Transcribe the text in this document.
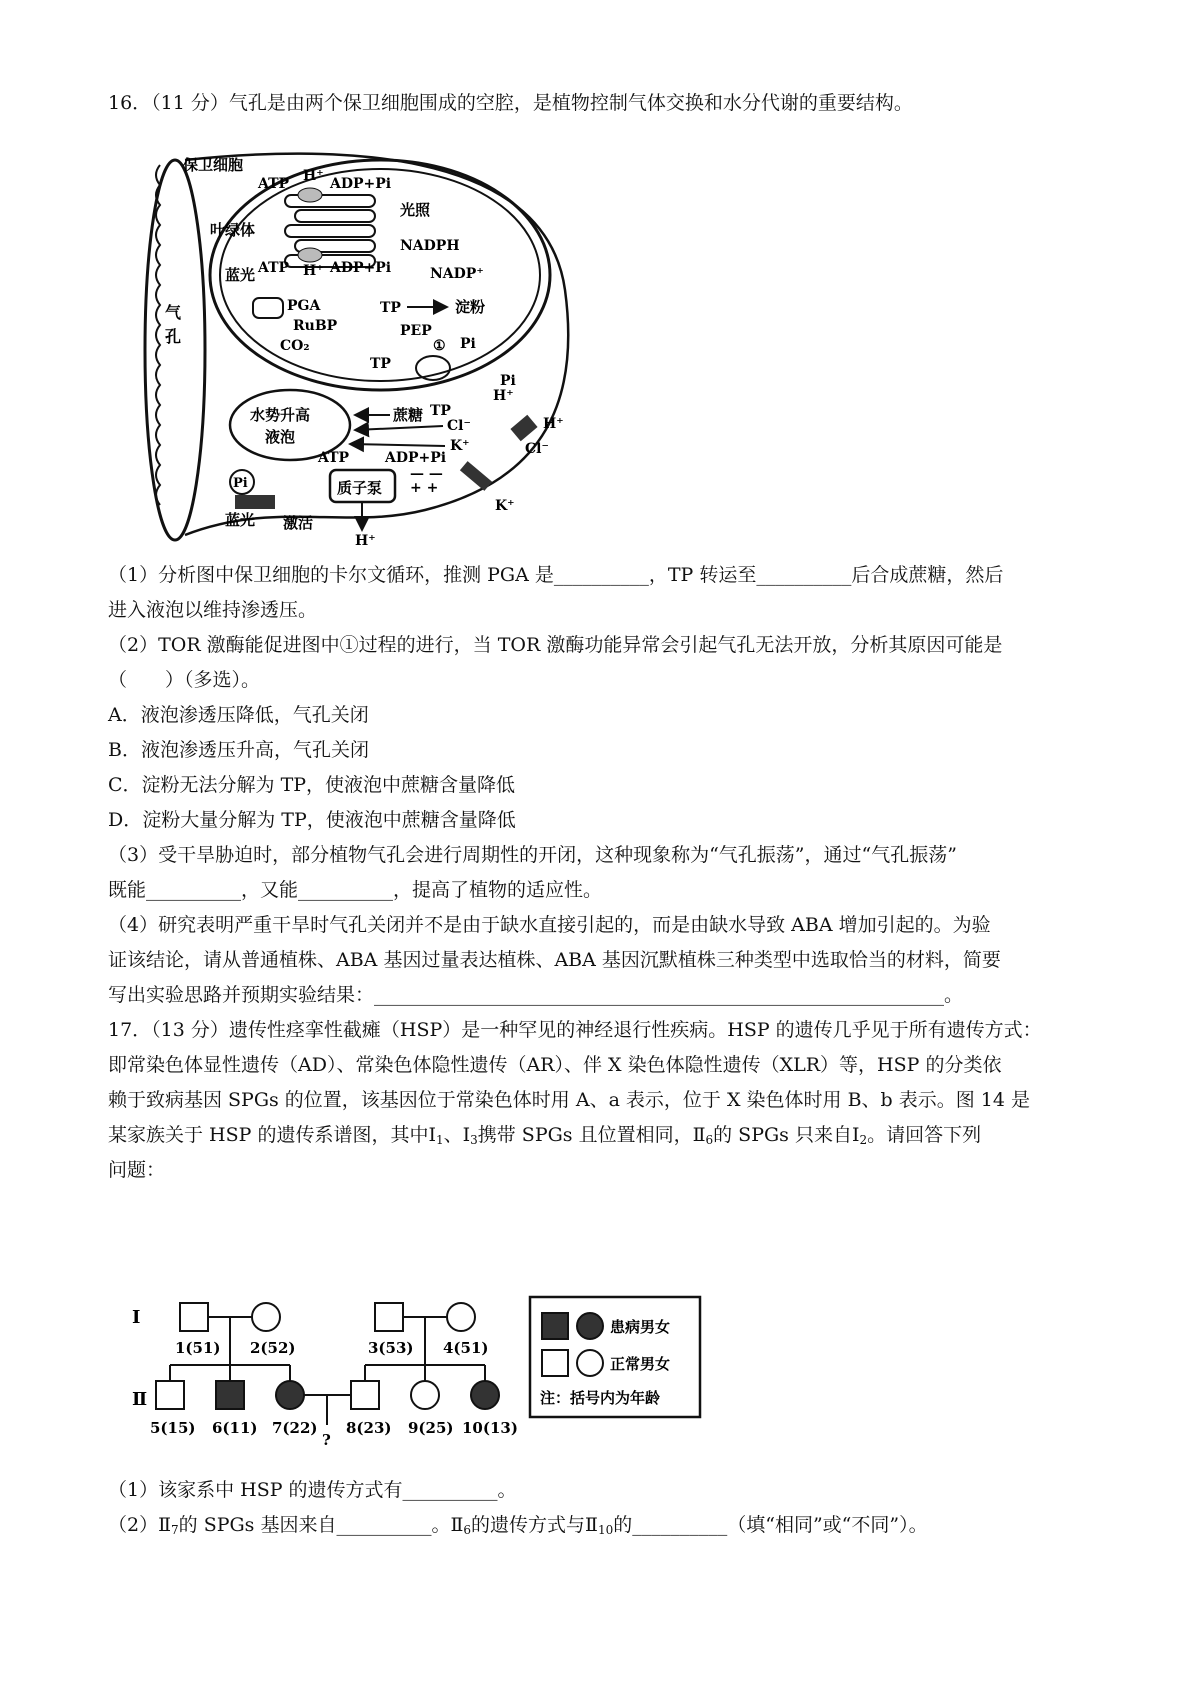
16．（11 分）气孔是由两个保卫细胞围成的空腔，是植物控制气体交换和水分代谢的重要结构。
保卫细胞
ATP H⁺ ADP+Pi
光照
叶绿体
NADPH
ATP H⁺ ADP+Pi	NADP⁺
蓝光
PGA	TP	淀粉
RuBP
CO₂
PEP
TP
① Pi
Pi
H⁺
水势升高
液泡
蔗糖 TP
Cl⁻
K⁺
H⁺
Cl⁻
K⁺
ATP	ADP+Pi
— —
+ +
质子泵
H⁺
激活
Pi
蓝光
气
孔
（1）分析图中保卫细胞的卡尔文循环，推测 PGA 是__________，TP 转运至__________后合成蔗糖，然后
进入液泡以维持渗透压。
（2）TOR 激酶能促进图中①过程的进行，当 TOR 激酶功能异常会引起气孔无法开放，分析其原因可能是
（　　）（多选）。
A．液泡渗透压降低，气孔关闭
B．液泡渗透压升高，气孔关闭
C．淀粉无法分解为 TP，使液泡中蔗糖含量降低
D．淀粉大量分解为 TP，使液泡中蔗糖含量降低
（3）受干旱胁迫时，部分植物气孔会进行周期性的开闭，这种现象称为“气孔振荡”，通过“气孔振荡”
既能__________，又能__________，提高了植物的适应性。
（4）研究表明严重干旱时气孔关闭并不是由于缺水直接引起的，而是由缺水导致 ABA 增加引起的。为验
证该结论，请从普通植株、ABA 基因过量表达植株、ABA 基因沉默植株三种类型中选取恰当的材料，简要
写出实验思路并预期实验结果：____________________________________________________________。
17．（13 分）遗传性痉挛性截瘫（HSP）是一种罕见的神经退行性疾病。HSP 的遗传几乎见于所有遗传方式：
即常染色体显性遗传（AD）、常染色体隐性遗传（AR）、伴 X 染色体隐性遗传（XLR）等，HSP 的分类依
赖于致病基因 SPGs 的位置，该基因位于常染色体时用 A、a 表示，位于 X 染色体时用 B、b 表示。图 14 是
某家族关于 HSP 的遗传系谱图，其中$Ⅰ_1$、$Ⅰ_3$携带 SPGs 且位置相同，$Ⅱ_6$的 SPGs 只来自$Ⅰ_2$。请回答下列
问题：
Ⅰ
Ⅱ
1(51) 2(52)	3(53) 4(51)
?
5(15) 6(11) 7(22) 8(23) 9(25) 10(13)
患病男女
正常男女
注：括号内为年龄
（1）该家系中 HSP 的遗传方式有__________。
$(2)Ⅱ_7$的 SPGs 基因来自__________。$Ⅱ_6$的遗传方式与$Ⅱ_{10}$的__________（填“相同”或“不同”）。
